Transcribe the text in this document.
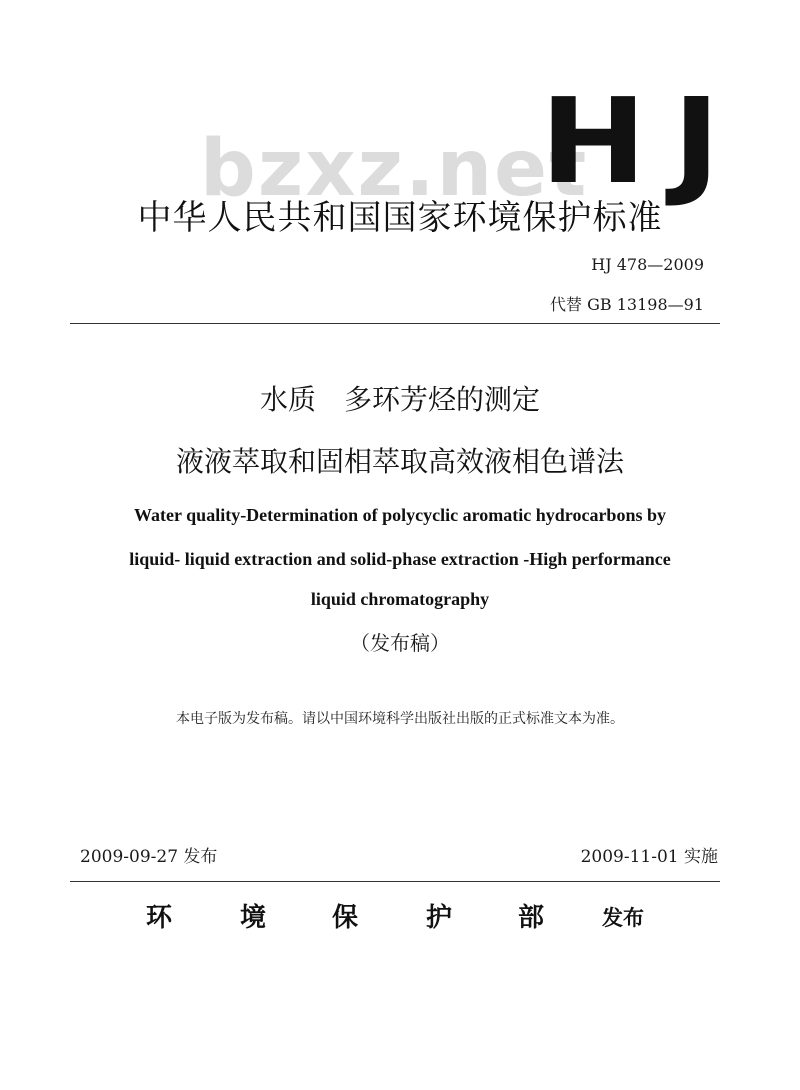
bzxz.net
HJ
中华人民共和国国家环境保护标准
HJ 478—2009
代替 GB 13198—91
水质　多环芳烃的测定
液液萃取和固相萃取高效液相色谱法
Water quality-Determination of polycyclic aromatic hydrocarbons by
liquid- liquid extraction and solid-phase extraction -High performance
liquid chromatography
（发布稿）
本电子版为发布稿。请以中国环境科学出版社出版的正式标准文本为准。
2009-09-27 发布	2009-11-01 实施
环	境	保	护	部	发布
